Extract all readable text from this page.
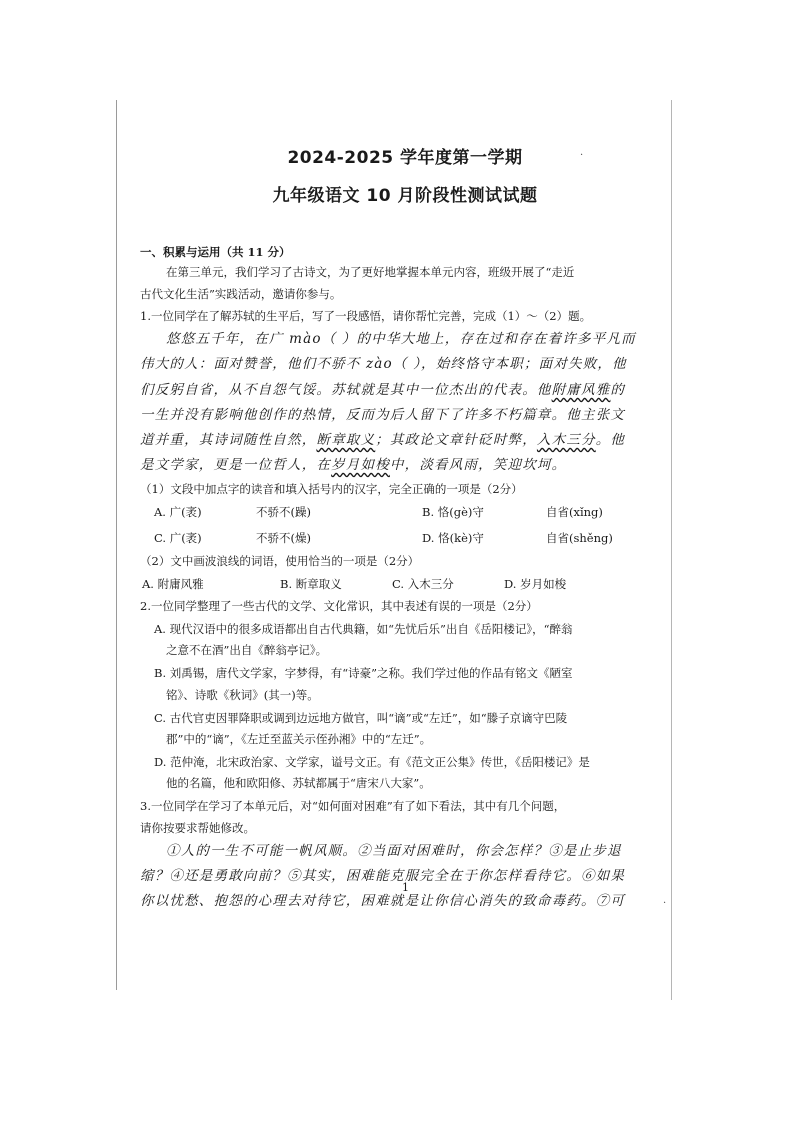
2024-2025 学年度第一学期
九年级语文 10 月阶段性测试试题
一、积累与运用（共 11 分）
在第三单元，我们学习了古诗文，为了更好地掌握本单元内容，班级开展了“走近
古代文化生活”实践活动，邀请你参与。
1.一位同学在了解苏轼的生平后，写了一段感悟，请你帮忙完善，完成（1）～（2）题。
悠悠五千年，在广 mào（ ）的中华大地上，存在过和存在着许多平凡而
伟大的人：面对赞誉，他们不骄不 zào（ ），始终恪守本职；面对失败，他
们反躬自省，从不自怨气馁。苏轼就是其中一位杰出的代表。他附庸风雅的
一生并没有影响他创作的热情，反而为后人留下了许多不朽篇章。他主张文
道并重，其诗词随性自然，断章取义；其政论文章针砭时弊，入木三分。他
是文学家，更是一位哲人，在岁月如梭中，淡看风雨，笑迎坎坷。
（1）文段中加点字的读音和填入括号内的汉字，完全正确的一项是（2分）
A. 广(袤)	不骄不(躁)	B. 恪(gè)守	自省(xǐng)
C. 广(袤)	不骄不(燥)	D. 恪(kè)守	自省(shěng)
（2）文中画波浪线的词语，使用恰当的一项是（2分）
A. 附庸风雅	B. 断章取义	C. 入木三分	D. 岁月如梭
2.一位同学整理了一些古代的文学、文化常识，其中表述有误的一项是（2分）
A. 现代汉语中的很多成语都出自古代典籍，如“先忧后乐”出自《岳阳楼记》，“醉翁
之意不在酒”出自《醉翁亭记》。
B. 刘禹锡，唐代文学家，字梦得，有“诗豪”之称。我们学过他的作品有铭文《陋室
铭》、诗歌《秋词》(其一)等。
C. 古代官吏因罪降职或调到边远地方做官，叫“谪”或“左迁”，如“滕子京谪守巴陵
郡”中的“谪”，《左迁至蓝关示侄孙湘》中的“左迁”。
D. 范仲淹，北宋政治家、文学家，谥号文正。有《范文正公集》传世，《岳阳楼记》是
他的名篇，他和欧阳修、苏轼都属于“唐宋八大家”。
3.一位同学在学习了本单元后，对“如何面对困难”有了如下看法，其中有几个问题，
请你按要求帮她修改。
①人的一生不可能一帆风顺。②当面对困难时，你会怎样？③是止步退
缩？④还是勇敢向前？⑤其实，困难能克服完全在于你怎样看待它。⑥如果
你以忧愁、抱怨的心理去对待它，困难就是让你信心消失的致命毒药。⑦可
1
·
·
